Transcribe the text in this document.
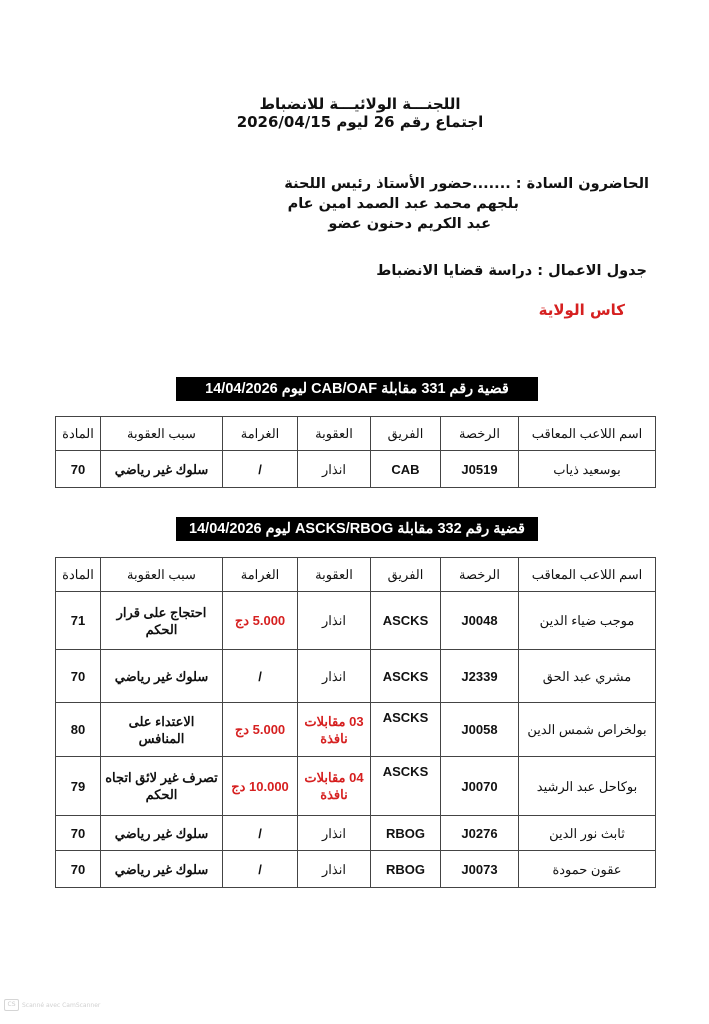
اللجنـــة الولائيـــة للانضباط
اجتماع رقم 26 ليوم 2026/04/15
الحاضرون السادة : .......حضور الأستاذ رئيس اللحنة
بلجهم محمد عبد الصمد امين عام
عبد الكريم دحنون عضو
جدول الاعمال : دراسة قضايا الانضباط
كاس الولاية
قضية رقم 331 مقابلة CAB/OAF ليوم 14/04/2026
اسم اللاعب المعاقب	الرخصة	الفريق	العقوبة	الغرامة	سبب العقوبة	المادة
بوسعيد ذياب	J0519	CAB	انذار	/	سلوك غير رياضي	70
قضية رقم 332 مقابلة ASCKS/RBOG ليوم 14/04/2026
اسم اللاعب المعاقب	الرخصة	الفريق	العقوبة	الغرامة	سبب العقوبة	المادة
موجب ضياء الدين	J0048	ASCKS	انذار	5.000 دج	احتجاج على قرار الحكم	71
مشري عبد الحق	J2339	ASCKS	انذار	/	سلوك غير رياضي	70
بولخراص شمس الدين	J0058	ASCKS	03 مقابلات نافذة	5.000 دج	الاعتداء على المنافس	80
بوكاحل عبد الرشيد	J0070	ASCKS	04 مقابلات نافذة	10.000 دج	تصرف غير لائق اتجاه الحكم	79
ثابث نور الدين	J0276	RBOG	انذار	/	سلوك غير رياضي	70
عقون حمودة	J0073	RBOG	انذار	/	سلوك غير رياضي	70
CS	Scanné avec CamScanner
